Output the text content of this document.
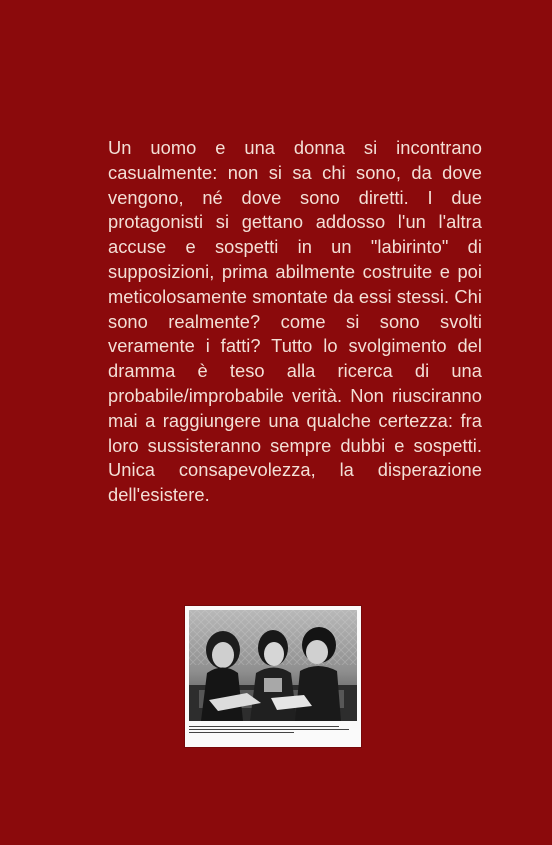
Un uomo e una donna si incontrano casualmente: non si sa chi sono, da dove vengono, né dove sono diretti. I due protagonisti si gettano addosso l'un l'altra accuse e sospetti in un "labirinto" di supposizioni, prima abilmente costruite e poi meticolosamente smontate da essi stessi. Chi sono realmente? come si sono svolti veramente i fatti? Tutto lo svolgimento del dramma è teso alla ricerca di una probabile/improbabile verità. Non riusciranno mai a raggiungere una qualche certezza: fra loro sussisteranno sempre dubbi e sospetti. Unica consapevolezza, la disperazione dell'esistere.
